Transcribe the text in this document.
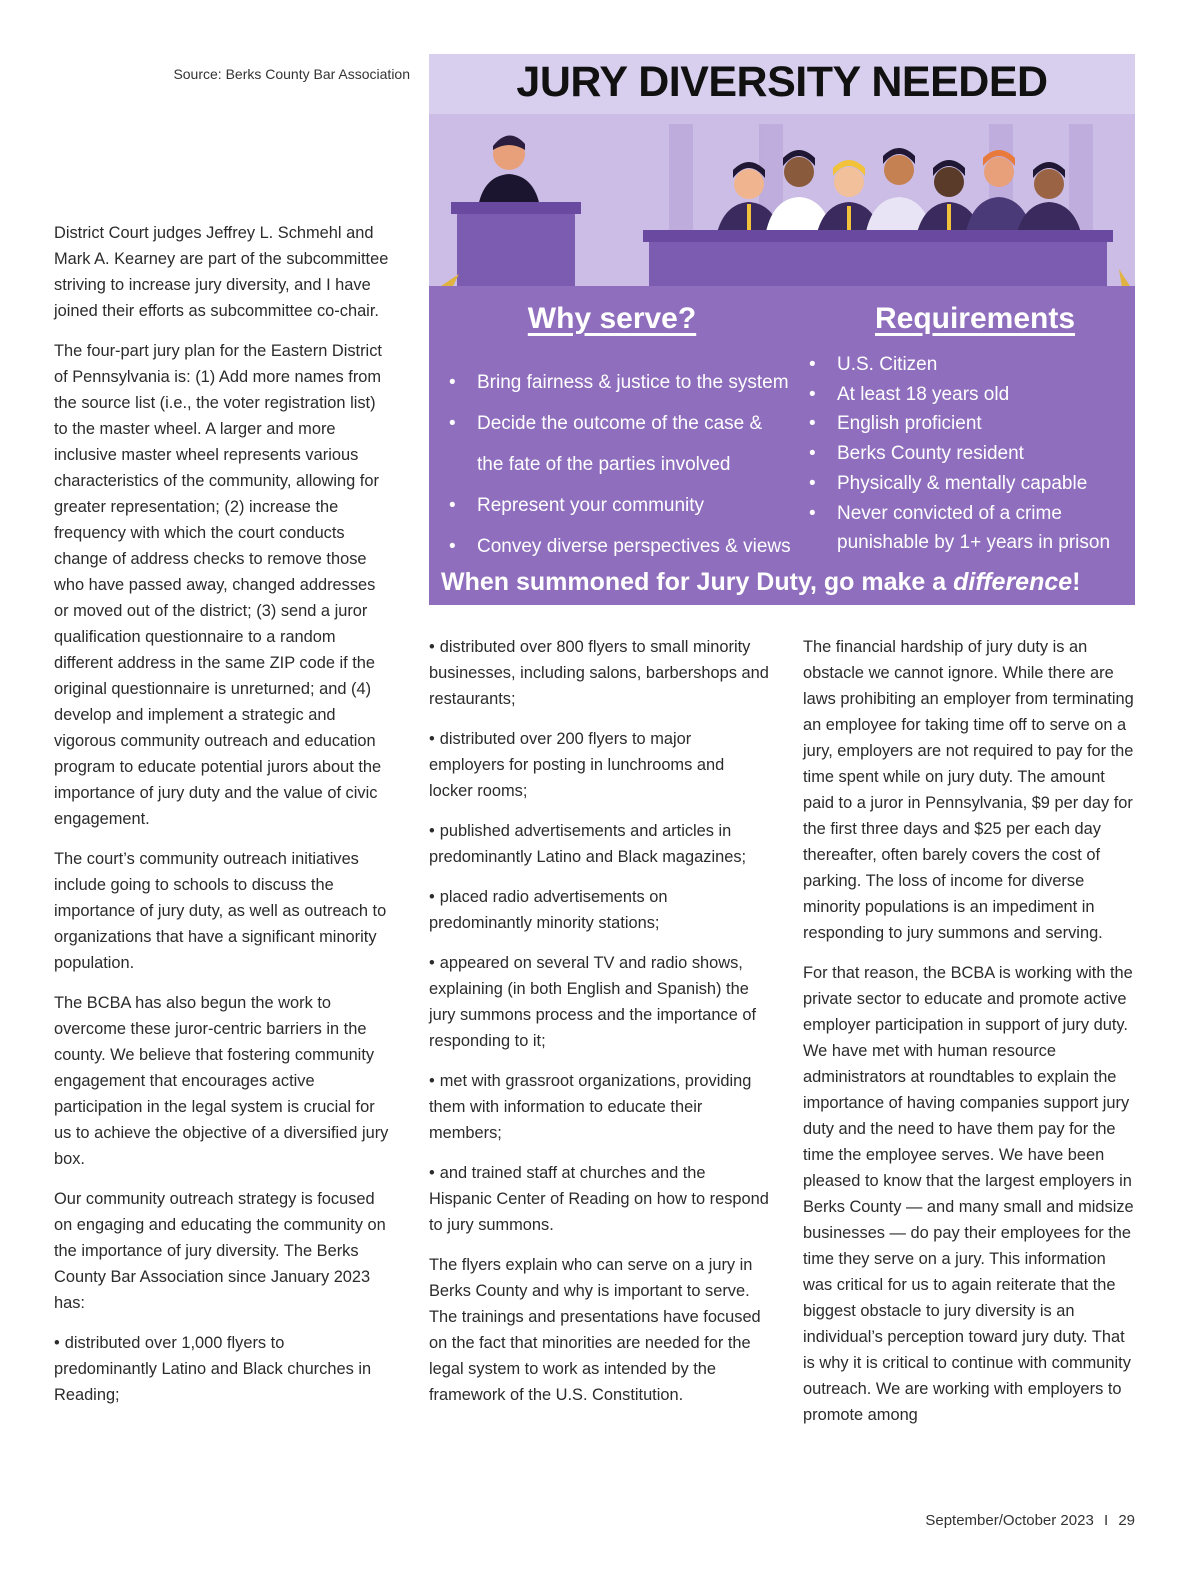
Source: Berks County Bar Association	JURY DIVERSITY NEEDED
Why serve?	Requirements
•	Bring fairness & justice to the system
•	Decide the outcome of the case &
the fate of the parties involved
•	Represent your community
•	Convey diverse perspectives & views
•	U.S. Citizen
•	At least 18 years old
•	English proficient
•	Berks County resident
•	Physically & mentally capable
•	Never convicted of a crime
punishable by 1+ years in prison
When summoned for Jury Duty, go make a difference!

District Court judges Jeffrey L. Schmehl and Mark A. Kearney are part of the subcommittee striving to increase jury diversity, and I have joined their efforts as subcommittee co-chair.

The four-part jury plan for the Eastern District of Pennsylvania is: (1) Add more names from the source list (i.e., the voter registration list) to the master wheel. A larger and more inclusive master wheel represents various characteristics of the community, allowing for greater representation; (2) increase the frequency with which the court conducts change of address checks to remove those who have passed away, changed addresses or moved out of the district; (3) send a juror qualification questionnaire to a random different address in the same ZIP code if the original questionnaire is unreturned; and (4) develop and implement a strategic and vigorous community outreach and education program to educate potential jurors about the importance of jury duty and the value of civic engagement.

The court’s community outreach initiatives include going to schools to discuss the importance of jury duty, as well as outreach to organizations that have a significant minority population.

The BCBA has also begun the work to overcome these juror-centric barriers in the county. We believe that fostering community engagement that encourages active participation in the legal system is crucial for us to achieve the objective of a diversified jury box.

Our community outreach strategy is focused on engaging and educating the community on the importance of jury diversity. The Berks County Bar Association since January 2023 has:

• distributed over 1,000 flyers to predominantly Latino and Black churches in Reading;

• distributed over 800 flyers to small minority businesses, including salons, barbershops and restaurants;

• distributed over 200 flyers to major employers for posting in lunchrooms and locker rooms;

• published advertisements and articles in predominantly Latino and Black magazines;

• placed radio advertisements on predominantly minority stations;

• appeared on several TV and radio shows, explaining (in both English and Spanish) the jury summons process and the importance of responding to it;

• met with grassroot organizations, providing them with information to educate their members;

• and trained staff at churches and the Hispanic Center of Reading on how to respond to jury summons.

The flyers explain who can serve on a jury in Berks County and why is important to serve. The trainings and presentations have focused on the fact that minorities are needed for the legal system to work as intended by the framework of the U.S. Constitution.

The financial hardship of jury duty is an obstacle we cannot ignore. While there are laws prohibiting an employer from terminating an employee for taking time off to serve on a jury, employers are not required to pay for the time spent while on jury duty. The amount paid to a juror in Pennsylvania, $9 per day for the first three days and $25 per each day thereafter, often barely covers the cost of parking. The loss of income for diverse minority populations is an impediment in responding to jury summons and serving.

For that reason, the BCBA is working with the private sector to educate and promote active employer participation in support of jury duty. We have met with human resource administrators at roundtables to explain the importance of having companies support jury duty and the need to have them pay for the time the employee serves. We have been pleased to know that the largest employers in Berks County — and many small and midsize businesses — do pay their employees for the time they serve on a jury. This information was critical for us to again reiterate that the biggest obstacle to jury diversity is an individual’s perception toward jury duty. That is why it is critical to continue with community outreach. We are working with employers to promote among

September/October 2023 I 29
